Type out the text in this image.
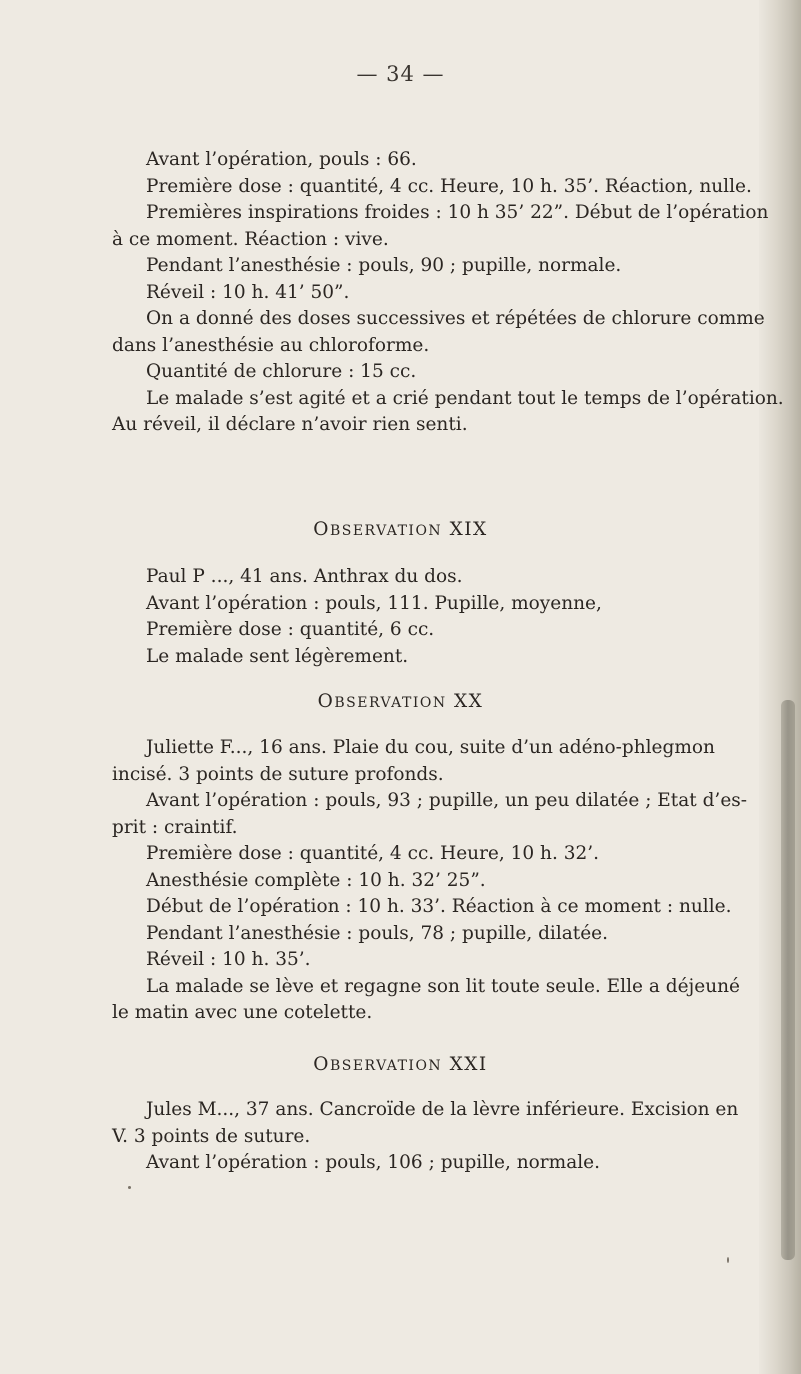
— 34 —
Avant l’opération, pouls : 66.
Première dose : quantité, 4 cc. Heure, 10 h. 35’. Réaction, nulle.
Premières inspirations froides : 10 h 35’ 22”. Début de l’opération
à ce moment. Réaction : vive.
Pendant l’anesthésie : pouls, 90 ; pupille, normale.
Réveil : 10 h. 41’ 50”.
On a donné des doses successives et répétées de chlorure comme
dans l’anesthésie au chloroforme.
Quantité de chlorure : 15 cc.
Le malade s’est agité et a crié pendant tout le temps de l’opération.
Au réveil, il déclare n’avoir rien senti.
OBSERVATION XIX
Paul P ..., 41 ans. Anthrax du dos.
Avant l’opération : pouls, 111. Pupille, moyenne,
Première dose : quantité, 6 cc.
Le malade sent légèrement.
OBSERVATION XX
Juliette F..., 16 ans. Plaie du cou, suite d’un adéno-phlegmon
incisé. 3 points de suture profonds.
Avant l’opération : pouls, 93 ; pupille, un peu dilatée ; Etat d’es-
prit : craintif.
Première dose : quantité, 4 cc. Heure, 10 h. 32’.
Anesthésie complète : 10 h. 32’ 25”.
Début de l’opération : 10 h. 33’. Réaction à ce moment : nulle.
Pendant l’anesthésie : pouls, 78 ; pupille, dilatée.
Réveil : 10 h. 35’.
La malade se lève et regagne son lit toute seule. Elle a déjeuné
le matin avec une cotelette.
OBSERVATION XXI
Jules M..., 37 ans. Cancroïde de la lèvre inférieure. Excision en
V. 3 points de suture.
Avant l’opération : pouls, 106 ; pupille, normale.
